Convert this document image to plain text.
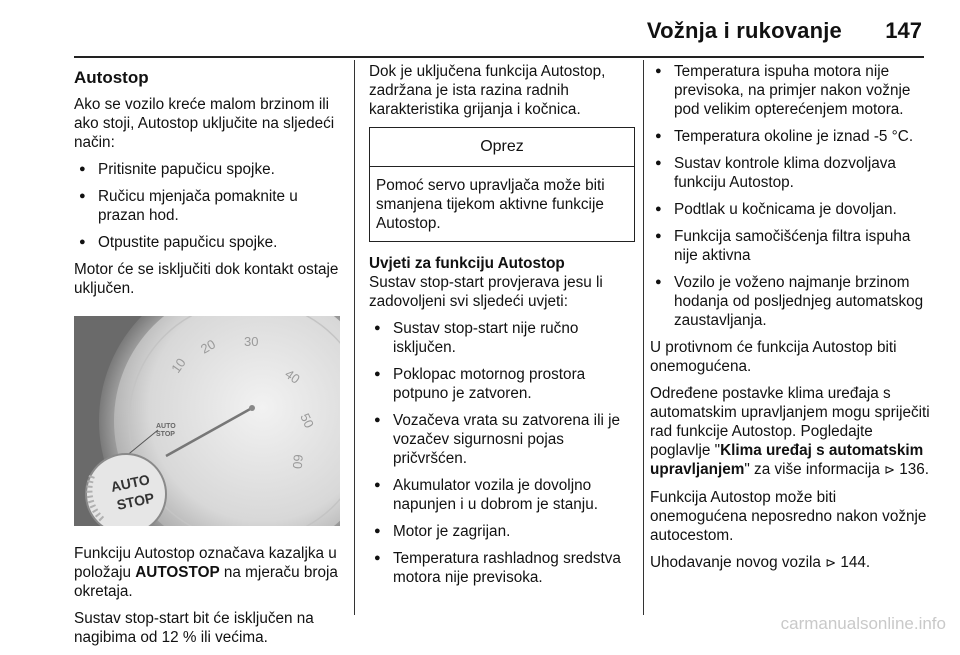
Vožnja i rukovanje 147
Autostop

Ako se vozilo kreće malom brzinom ili ako stoji, Autostop uključite na sljedeći način:

● Pritisnite papučicu spojke.
● Ručicu mjenjača pomaknite u prazan hod.
● Otpustite papučicu spojke.

Motor će se isključiti dok kontakt ostaje uključen.

10
20 30
40
50
60
AUTO
STOP
AUTO
STOP

Funkciju Autostop označava kazaljka u položaju AUTOSTOP na mjeraču broja okretaja.

Sustav stop-start bit će isključen na nagibima od 12 % ili većima.

Dok je uključena funkcija Autostop, zadržana je ista razina radnih karakteristika grijanja i kočnica.

Oprez
Pomoć servo upravljača može biti smanjena tijekom aktivne funkcije Autostop.
Uvjeti za funkciju Autostop

Sustav stop-start provjerava jesu li zadovoljeni svi sljedeći uvjeti:

● Sustav stop-start nije ručno isključen.
● Poklopac motornog prostora potpuno je zatvoren.
● Vozačeva vrata su zatvorena ili je vozačev sigurnosni pojas pričvršćen.
● Akumulator vozila je dovoljno napunjen i u dobrom je stanju.
● Motor je zagrijan.
● Temperatura rashladnog sredstva motora nije previsoka.
● Temperatura ispuha motora nije previsoka, na primjer nakon vožnje pod velikim opterećenjem motora.
● Temperatura okoline je iznad -5 °C.
● Sustav kontrole klima dozvoljava funkciju Autostop.
● Podtlak u kočnicama je dovoljan.
● Funkcija samočišćenja filtra ispuha nije aktivna
● Vozilo je voženo najmanje brzinom hodanja od posljednjeg automatskog zaustavljanja.

U protivnom će funkcija Autostop biti onemogućena.

Određene postavke klima uređaja s automatskim upravljanjem mogu spriječiti rad funkcije Autostop. Pogledajte poglavlje "Klima uređaj s automatskim upravljanjem" za više informacija ⊳ 136.

Funkcija Autostop može biti onemogućena neposredno nakon vožnje autocestom.

Uhodavanje novog vozila ⊳ 144.

carmanualsonline.info
